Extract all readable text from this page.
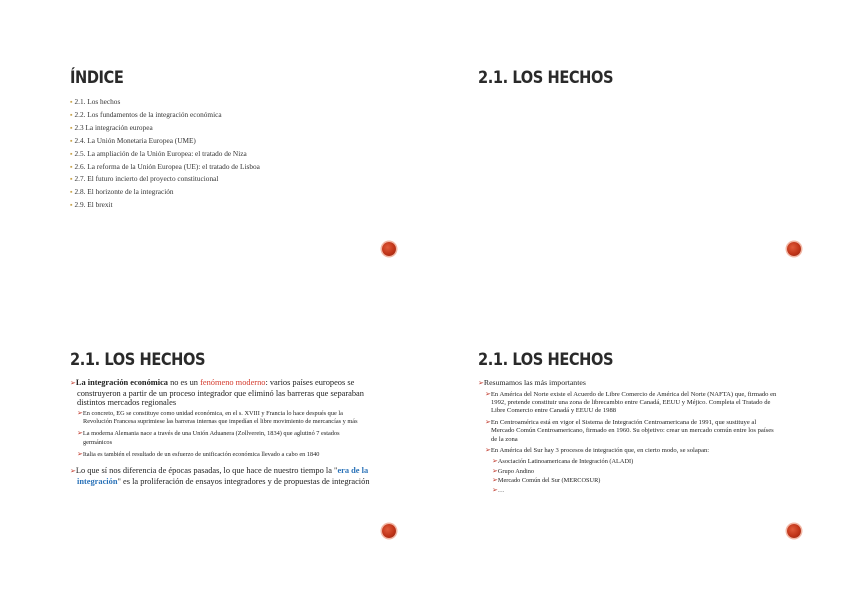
ÍNDICE
▪ 2.1. Los hechos
▪ 2.2. Los fundamentos de la integración económica
▪ 2.3 La integración europea
▪ 2.4. La Unión Monetaria Europea (UME)
▪ 2.5. La ampliación de la Unión Europea: el tratado de Niza
▪ 2.6. La reforma de la Unión Europea (UE): el tratado de Lisboa
▪ 2.7. El futuro incierto del proyecto constitucional
▪ 2.8. El horizonte de la integración
▪ 2.9. El brexit
2.1. LOS HECHOS
2.1. LOS HECHOS
➢La integración económica no es un fenómeno moderno: varios países europeos se construyeron a partir de un proceso integrador que eliminó las barreras que separaban distintos mercados regionales
➢En concreto, EG se constituye como unidad económica, en el s. XVIII y Francia lo hace después que la Revolución Francesa suprimiese las barreras internas que impedían el libre movimiento de mercancías y más
➢La moderna Alemania nace a través de una Unión Aduanera (Zollverein, 1834) que aglutinó 7 estados germánicos
➢Italia es también el resultado de un esfuerzo de unificación económica llevado a cabo en 1840
➢Lo que sí nos diferencia de épocas pasadas, lo que hace de nuestro tiempo la "era de la integración" es la proliferación de ensayos integradores y de propuestas de integración
2.1. LOS HECHOS
➢Resumamos las más importantes
➢En América del Norte existe el Acuerdo de Libre Comercio de América del Norte (NAFTA) que, firmado en 1992, pretende constituir una zona de librecambio entre Canadá, EEUU y Méjico. Completa el Tratado de Libre Comercio entre Canadá y EEUU de 1988
➢En Centroamérica está en vigor el Sistema de Integración Centroamericana de 1991, que sustituye al Mercado Común Centroamericano, firmado en 1960. Su objetivo: crear un mercado común entre los países de la zona
➢En América del Sur hay 3 procesos de integración que, en cierto modo, se solapan:
➢Asociación Latinoamericana de Integración (ALADI)
➢Grupo Andino
➢Mercado Común del Sur (MERCOSUR)
➢…
